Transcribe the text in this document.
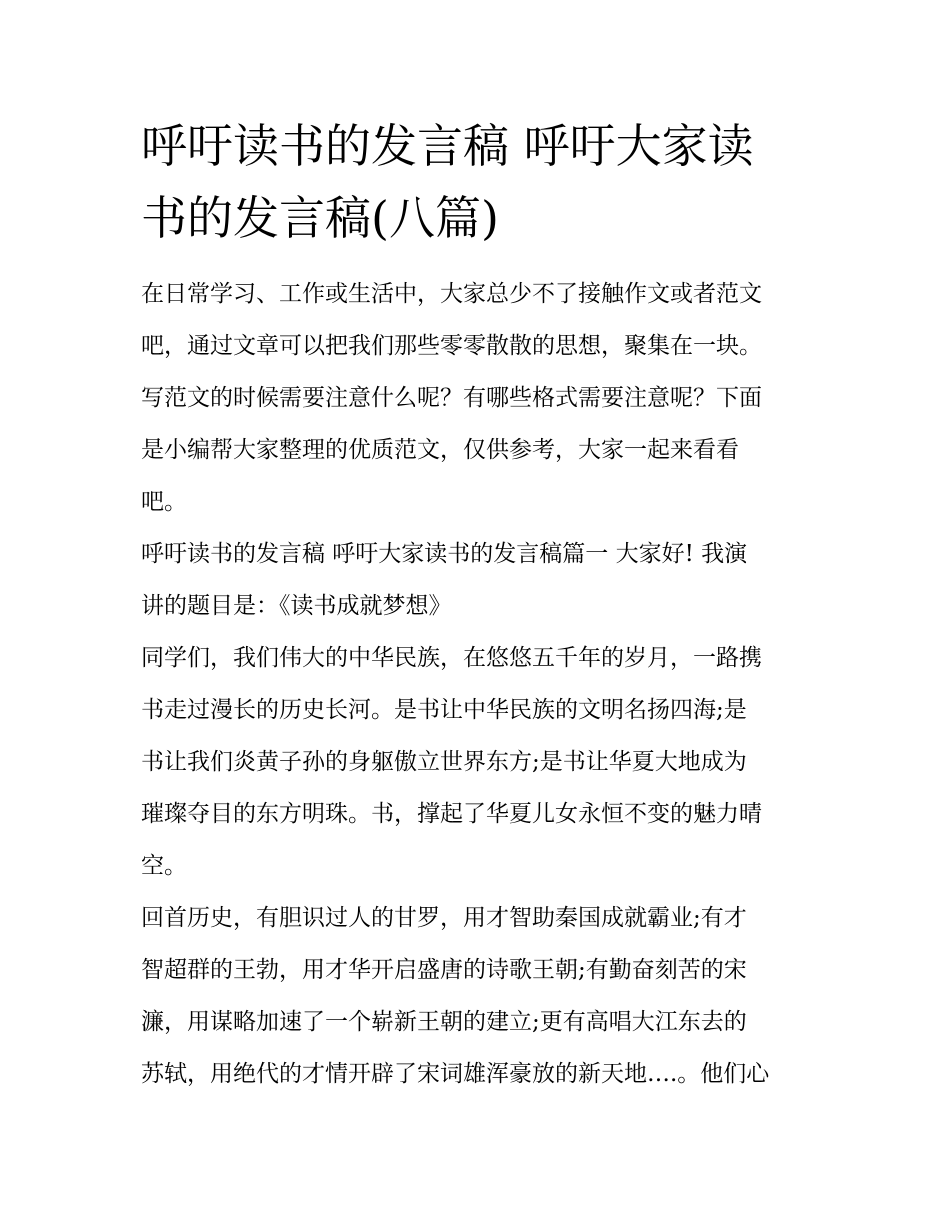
呼吁读书的发言稿 呼吁大家读
书的发言稿(八篇)

在日常学习、工作或生活中，大家总少不了接触作文或者范文
吧，通过文章可以把我们那些零零散散的思想，聚集在一块。
写范文的时候需要注意什么呢？有哪些格式需要注意呢？下面
是小编帮大家整理的优质范文，仅供参考，大家一起来看看
吧。

呼吁读书的发言稿 呼吁大家读书的发言稿篇一 大家好! 我演
讲的题目是：《读书成就梦想》

同学们，我们伟大的中华民族，在悠悠五千年的岁月，一路携
书走过漫长的历史长河。是书让中华民族的文明名扬四海;是
书让我们炎黄子孙的身躯傲立世界东方;是书让华夏大地成为
璀璨夺目的东方明珠。书，撑起了华夏儿女永恒不变的魅力晴
空。

回首历史，有胆识过人的甘罗，用才智助秦国成就霸业;有才
智超群的王勃，用才华开启盛唐的诗歌王朝;有勤奋刻苦的宋
濂，用谋略加速了一个崭新王朝的建立;更有高唱大江东去的
苏轼，用绝代的才情开辟了宋词雄浑豪放的新天地….。他们心
